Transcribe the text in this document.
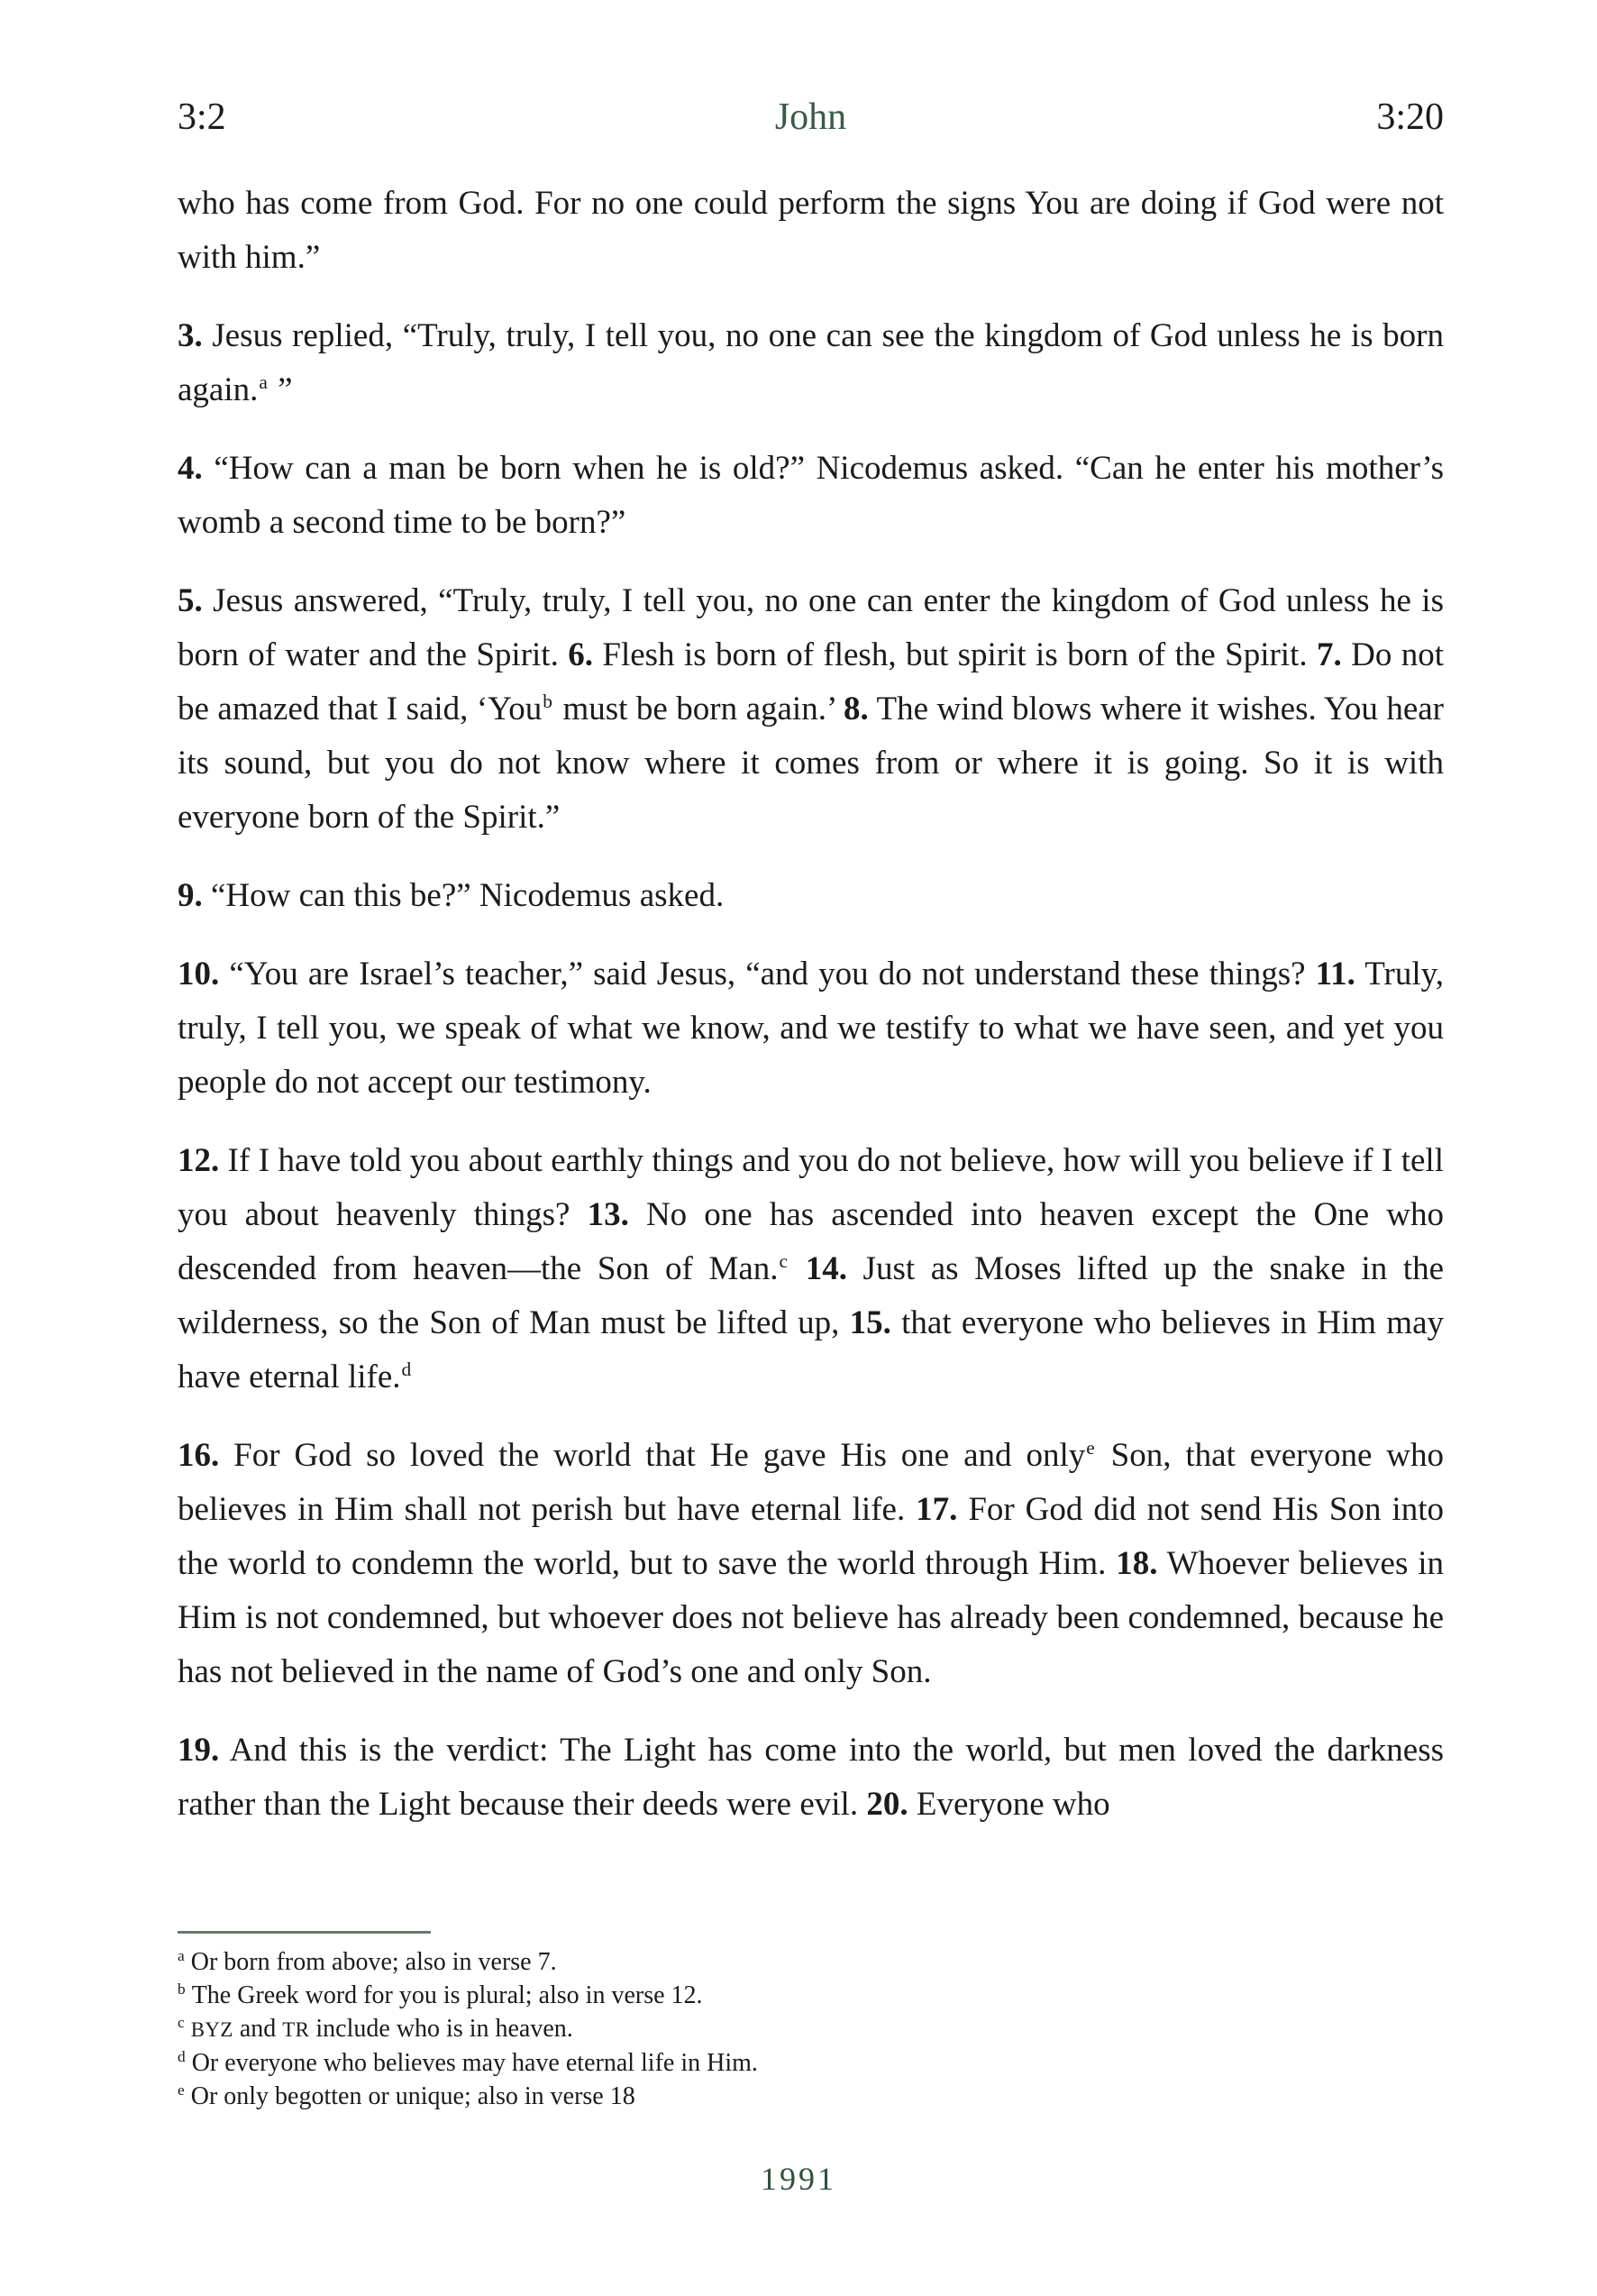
3:2	John	3:20

who has come from God. For no one could perform the signs You are doing if God were not with him.”

3. Jesus replied, “Truly, truly, I tell you, no one can see the kingdom of God unless he is born again.$^a$ ”

4. “How can a man be born when he is old?” Nicodemus asked. “Can he enter his mother’s womb a second time to be born?”

5. Jesus answered, “Truly, truly, I tell you, no one can enter the kingdom of God unless he is born of water and the Spirit. 6. Flesh is born of flesh, but spirit is born of the Spirit. 7. Do not be amazed that I said, ‘You$^b$ must be born again.’ 8. The wind blows where it wishes. You hear its sound, but you do not know where it comes from or where it is going. So it is with everyone born of the Spirit.”

9. “How can this be?” Nicodemus asked.

10. “You are Israel’s teacher,” said Jesus, “and you do not understand these things? 11. Truly, truly, I tell you, we speak of what we know, and we testify to what we have seen, and yet you people do not accept our testimony.

12. If I have told you about earthly things and you do not believe, how will you believe if I tell you about heavenly things? 13. No one has ascended into heaven except the One who descended from heaven—the Son of Man.$^c$ 14. Just as Moses lifted up the snake in the wilderness, so the Son of Man must be lifted up, 15. that everyone who believes in Him may have eternal life.$^d$

16. For God so loved the world that He gave His one and only$^e$ Son, that everyone who believes in Him shall not perish but have eternal life. 17. For God did not send His Son into the world to condemn the world, but to save the world through Him. 18. Whoever believes in Him is not condemned, but whoever does not believe has already been condemned, because he has not believed in the name of God’s one and only Son.

19. And this is the verdict: The Light has come into the world, but men loved the darkness rather than the Light because their deeds were evil. 20. Everyone who

$^a$ Or born from above; also in verse 7.
$^b$ The Greek word for you is plural; also in verse 12.
$^c$ BYZ and TR include who is in heaven.
$^d$ Or everyone who believes may have eternal life in Him.
$^e$ Or only begotten or unique; also in verse 18
1991
